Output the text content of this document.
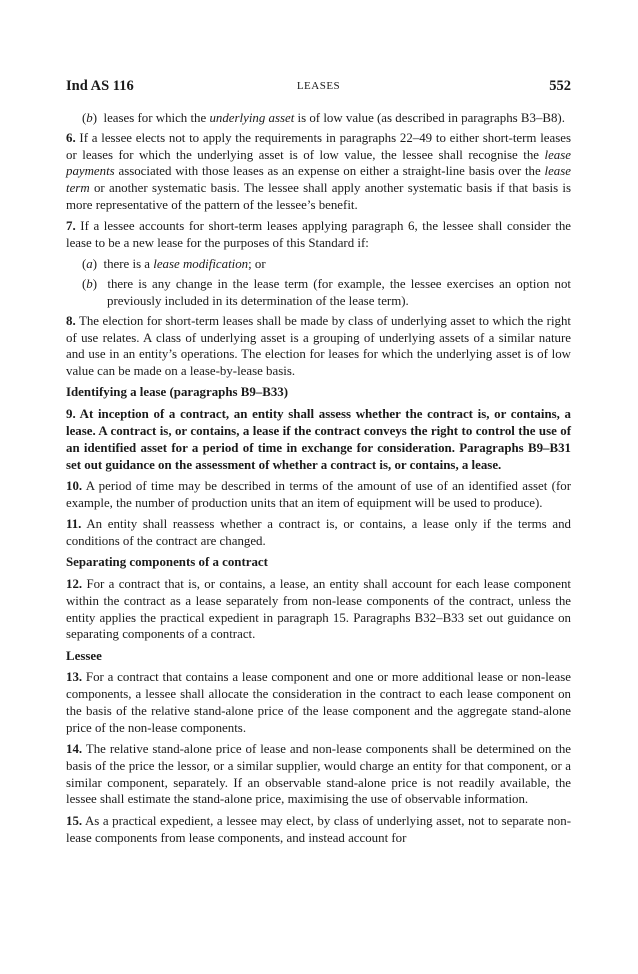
Ind AS 116	LEASES	552
(b) leases for which the underlying asset is of low value (as described in paragraphs B3–B8).

6. If a lessee elects not to apply the requirements in paragraphs 22–49 to either short-term leases or leases for which the underlying asset is of low value, the lessee shall recognise the lease payments associated with those leases as an expense on either a straight-line basis over the lease term or another systematic basis. The lessee shall apply another systematic basis if that basis is more representative of the pattern of the lessee’s benefit.

7. If a lessee accounts for short-term leases applying paragraph 6, the lessee shall consider the lease to be a new lease for the purposes of this Standard if:

(a) there is a lease modification; or
(b) there is any change in the lease term (for example, the lessee exercises an option not previously included in its determination of the lease term).

8. The election for short-term leases shall be made by class of underlying asset to which the right of use relates. A class of underlying asset is a grouping of underlying assets of a similar nature and use in an entity’s operations. The election for leases for which the underlying asset is of low value can be made on a lease-by-lease basis.

Identifying a lease (paragraphs B9–B33)

9. At inception of a contract, an entity shall assess whether the contract is, or contains, a lease. A contract is, or contains, a lease if the contract conveys the right to control the use of an identified asset for a period of time in exchange for consideration. Paragraphs B9–B31 set out guidance on the assessment of whether a contract is, or contains, a lease.

10. A period of time may be described in terms of the amount of use of an identified asset (for example, the number of production units that an item of equipment will be used to produce).

11. An entity shall reassess whether a contract is, or contains, a lease only if the terms and conditions of the contract are changed.

Separating components of a contract

12. For a contract that is, or contains, a lease, an entity shall account for each lease component within the contract as a lease separately from non-lease components of the contract, unless the entity applies the practical expedient in paragraph 15. Paragraphs B32–B33 set out guidance on separating components of a contract.

Lessee

13. For a contract that contains a lease component and one or more additional lease or non-lease components, a lessee shall allocate the consideration in the contract to each lease component on the basis of the relative stand-alone price of the lease component and the aggregate stand-alone price of the non-lease components.

14. The relative stand-alone price of lease and non-lease components shall be determined on the basis of the price the lessor, or a similar supplier, would charge an entity for that component, or a similar component, separately. If an observable stand-alone price is not readily available, the lessee shall estimate the stand-alone price, maximising the use of observable information.

15. As a practical expedient, a lessee may elect, by class of underlying asset, not to separate non-lease components from lease components, and instead account for
